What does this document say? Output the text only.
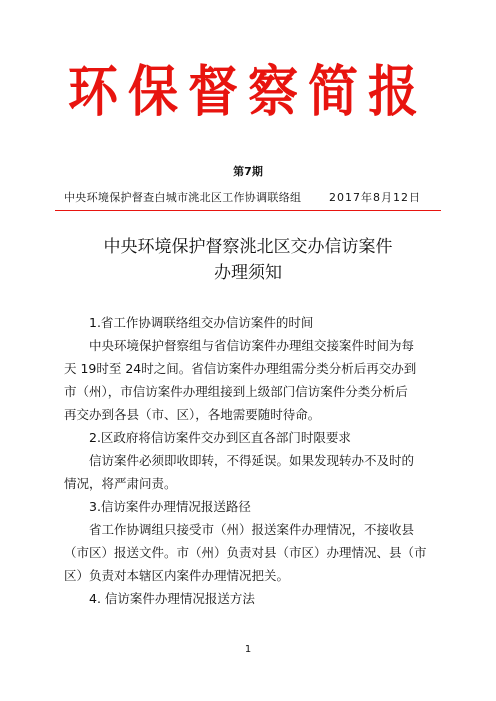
环保督察简报
第7期
中央环境保护督查白城市洮北区工作协调联络组	2017年8月12日
中央环境保护督察洮北区交办信访案件
办理须知
1.省工作协调联络组交办信访案件的时间
中央环境保护督察组与省信访案件办理组交接案件时间为每
天 19时至 24时之间。省信访案件办理组需分类分析后再交办到
市（州），市信访案件办理组接到上级部门信访案件分类分析后
再交办到各县（市、区），各地需要随时待命。
2.区政府将信访案件交办到区直各部门时限要求
信访案件必须即收即转，不得延误。如果发现转办不及时的
情况，将严肃问责。
3.信访案件办理情况报送路径
省工作协调组只接受市（州）报送案件办理情况，不接收县
（市区）报送文件。市（州）负责对县（市区）办理情况、县（市
区）负责对本辖区内案件办理情况把关。
4. 信访案件办理情况报送方法
1
